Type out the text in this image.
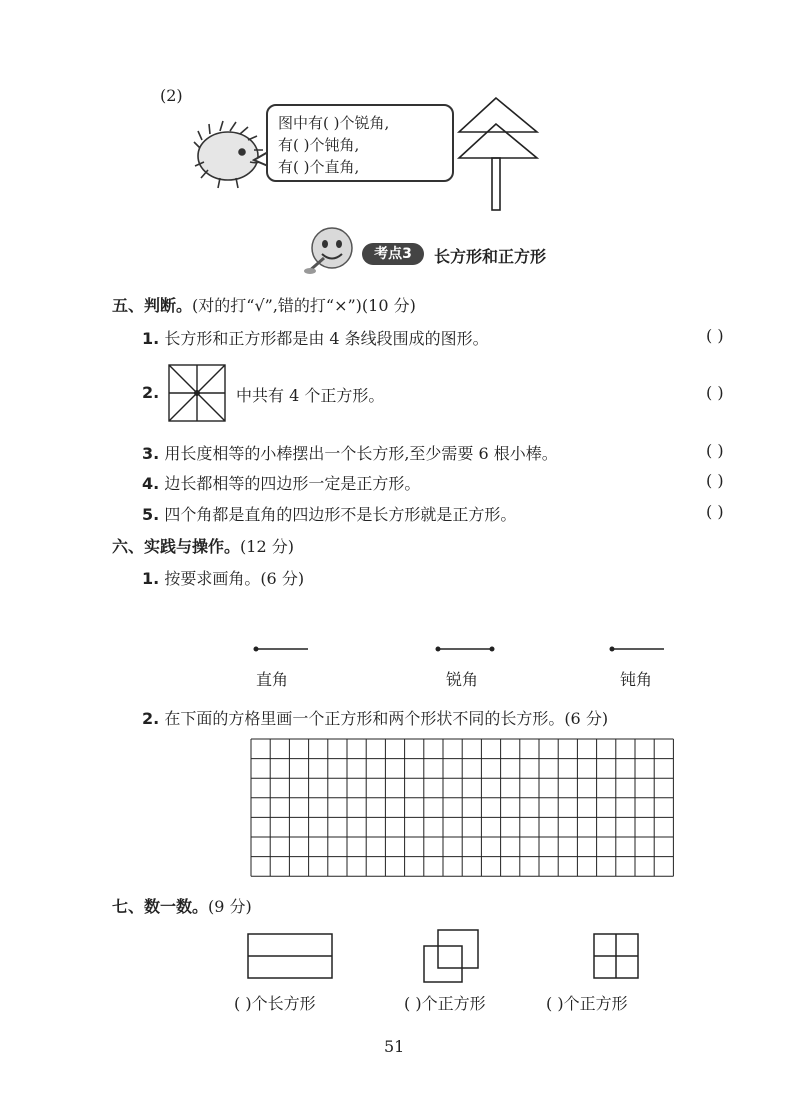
(2)
图中有( )个锐角,
有( )个钝角,
有( )个直角,
考点3	长方形和正方形
五、判断。(对的打“√”,错的打“×”)(10 分)
1. 长方形和正方形都是由 4 条线段围成的图形。	( )
2.	中共有 4 个正方形。	( )
3. 用长度相等的小棒摆出一个长方形,至少需要 6 根小棒。	( )
4. 边长都相等的四边形一定是正方形。	( )
5. 四个角都是直角的四边形不是长方形就是正方形。	( )
六、实践与操作。(12 分)
1. 按要求画角。(6 分)
直角	锐角	钝角
2. 在下面的方格里画一个正方形和两个形状不同的长方形。(6 分)
七、数一数。(9 分)
( )个长方形	( )个正方形	( )个正方形
51
